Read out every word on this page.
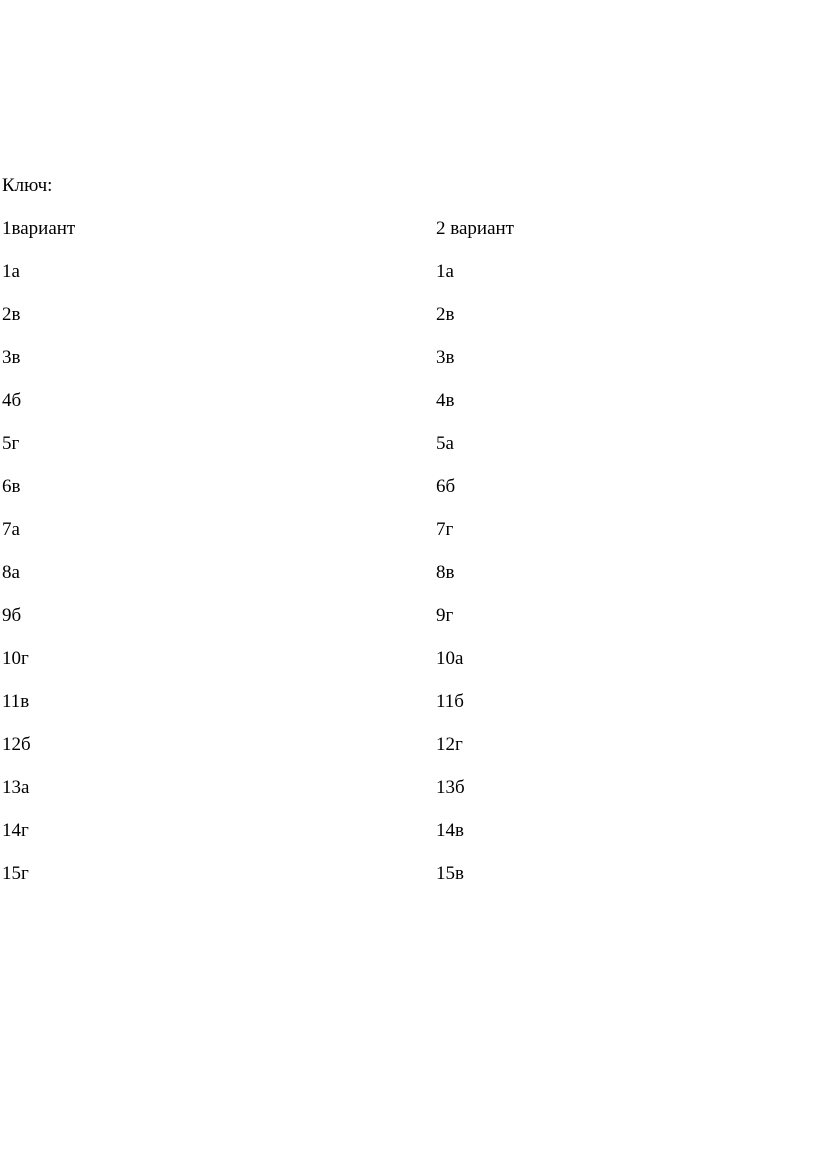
Ключ:
1вариант	2 вариант
1а	1а
2в	2в
3в	3в
4б	4в
5г	5а
6в	6б
7а	7г
8а	8в
9б	9г
10г	10а
11в	11б
12б	12г
13а	13б
14г	14в
15г	15в
